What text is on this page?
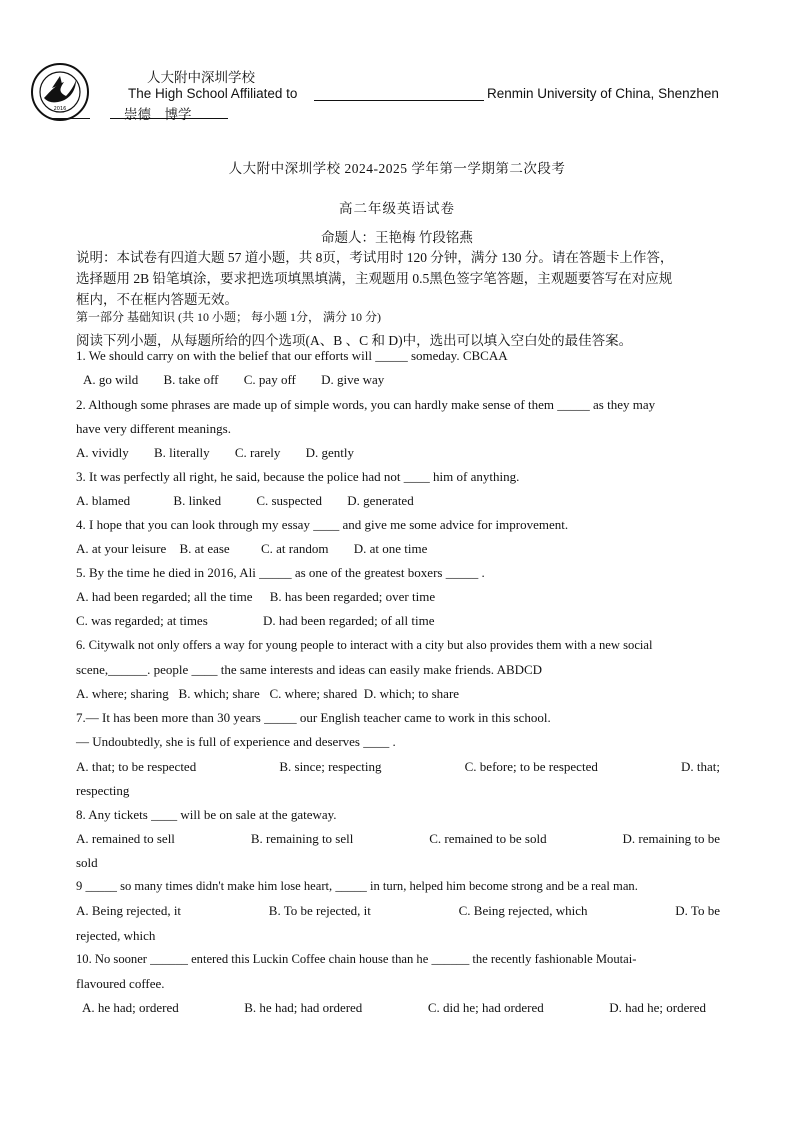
2016
人大附中深圳学校
The High School Affiliated to	Renmin University of China, Shenzhen
崇德    博学
人大附中深圳学校 2024-2025 学年第一学期第二次段考
高二年级英语试卷
命题人：王艳梅 竹段铭燕
说明：本试卷有四道大题 57 道小题，共 8页，考试用时 120 分钟，满分 130 分。请在答题卡上作答，
选择题用 2B 铅笔填涂，要求把选项填黑填满，主观题用 0.5黑色签字笔答题，主观题要答写在对应规
框内，不在框内答题无效。
第一部分 基础知识 (共 10 小题； 每小题 1分， 满分 10 分)
阅读下列小题，从每题所给的四个选项(A、B 、C 和 D)中，选出可以填入空白处的最佳答案。
1. We should carry on with the belief that our efforts will _____ someday. CBCAA
A. go wild B. take off C. pay off D. give way
2. Although some phrases are made up of simple words, you can hardly make sense of them _____ as they may
have very different meanings.
A. vividly B. literally C. rarely D. gently
3. It was perfectly all right, he said, because the police had not ____ him of anything.
A. blamed	B. linked	C. suspected D. generated
4. I hope that you can look through my essay ____ and give me some advice for improvement.
A. at your leisure B. at ease C. at random D. at one time
5. By the time he died in 2016, Ali _____ as one of the greatest boxers _____ .
A. had been regarded; all the time B. has been regarded; over time
C. was regarded; at times	D. had been regarded; of all time
6. Citywalk not only offers a way for young people to interact with a city but also provides them with a new social
scene,______. people ____ the same interests and ideas can easily make friends. ABDCD
A. where; sharing   B. which; share   C. where; shared  D. which; to share
7.— It has been more than 30 years _____ our English teacher came to work in this school.
— Undoubtedly, she is full of experience and deserves ____ .
A. that; to be respected	B. since; respecting	C. before; to be respected	D. that;
respecting
8. Any tickets ____ will be on sale at the gateway.
A. remained to sell	B. remaining to sell	C. remained to be sold	D. remaining to be
sold
9 _____ so many times didn't make him lose heart, _____ in turn, helped him become strong and be a real man.
A. Being rejected, it	B. To be rejected, it	C. Being rejected, which	D. To be
rejected, which
10. No sooner ______ entered this Luckin Coffee chain house than he ______ the recently fashionable Moutai-
flavoured coffee.
A. he had; ordered	B. he had; had ordered	C. did he; had ordered	D. had he; ordered
